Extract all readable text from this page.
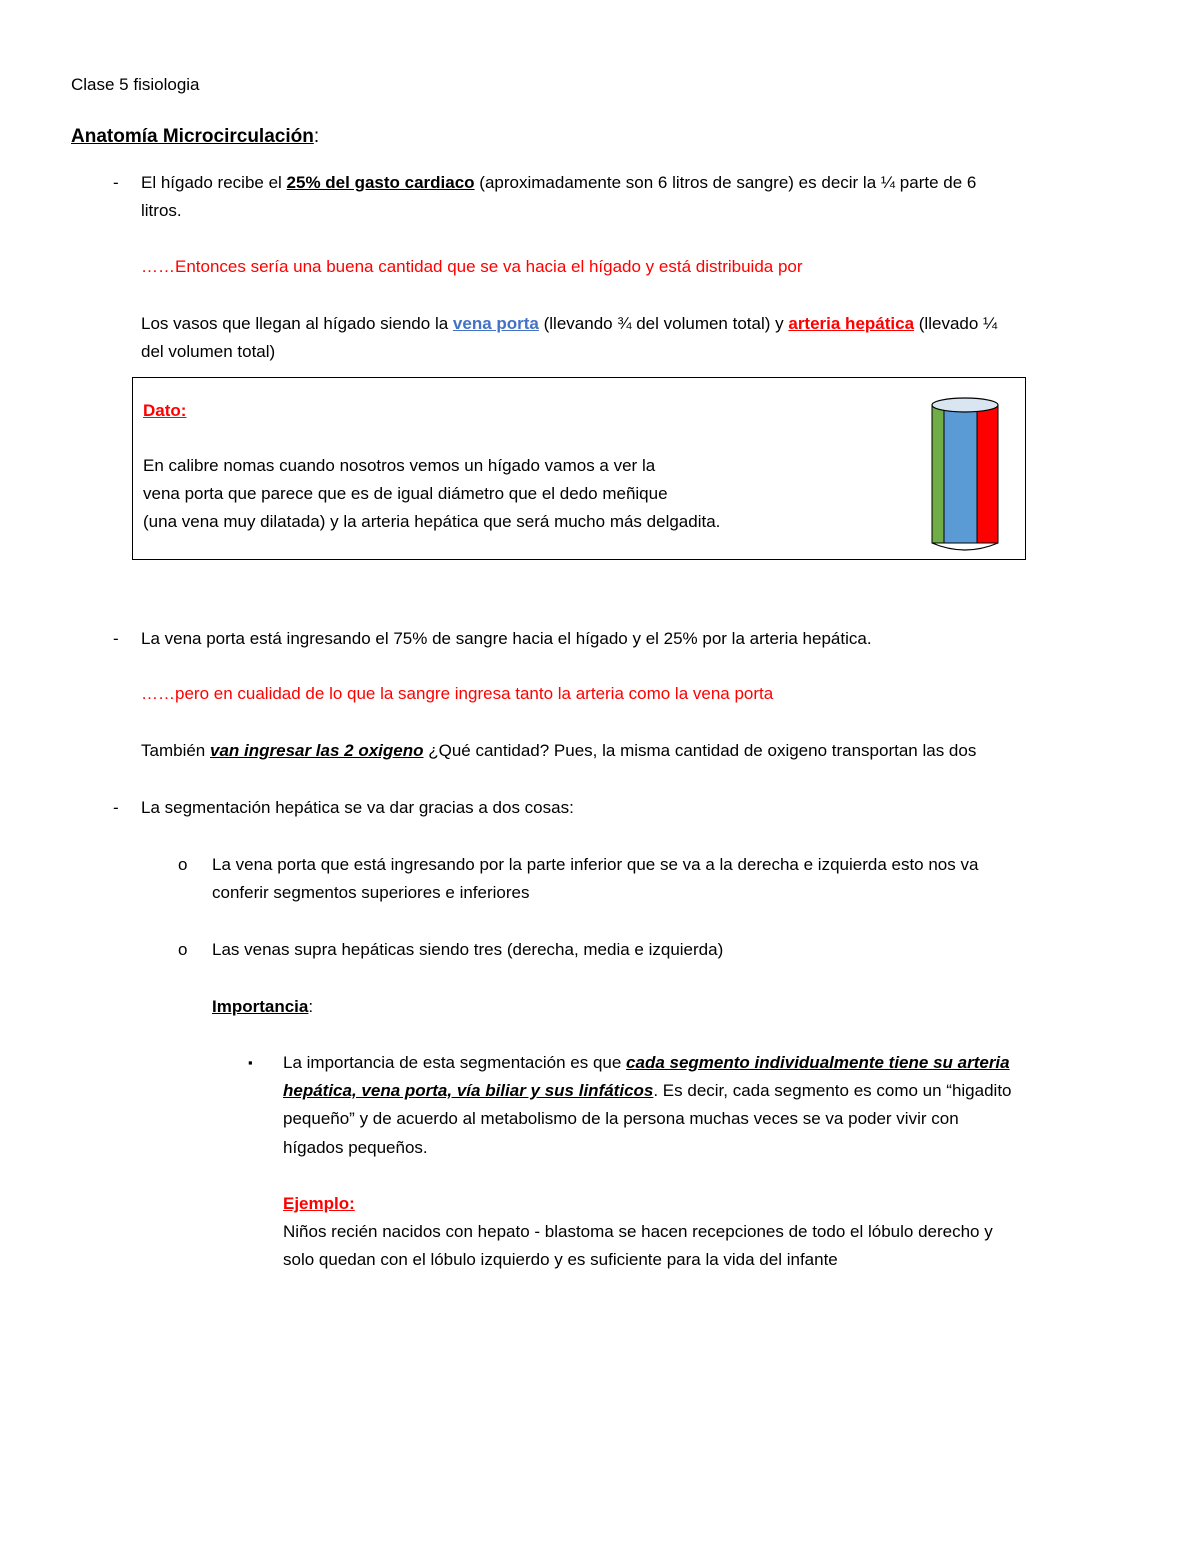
Clase 5 fisiologia
Anatomía Microcirculación:
- El hígado recibe el 25% del gasto cardiaco (aproximadamente son 6 litros de sangre) es decir la ¼ parte de 6
litros.
……Entonces sería una buena cantidad que se va hacia el hígado y está distribuida por
Los vasos que llegan al hígado siendo la vena porta (llevando ¾ del volumen total) y arteria hepática (llevado ¼
del volumen total)
Dato:
En calibre nomas cuando nosotros vemos un hígado vamos a ver la
vena porta que parece que es de igual diámetro que el dedo meñique
(una vena muy dilatada) y la arteria hepática que será mucho más delgadita.
- La vena porta está ingresando el 75% de sangre hacia el hígado y el 25% por la arteria hepática.
……pero en cualidad de lo que la sangre ingresa tanto la arteria como la vena porta
También van ingresar las 2 oxigeno ¿Qué cantidad? Pues, la misma cantidad de oxigeno transportan las dos
- La segmentación hepática se va dar gracias a dos cosas:
o La vena porta que está ingresando por la parte inferior que se va a la derecha e izquierda esto nos va
conferir segmentos superiores e inferiores
o Las venas supra hepáticas siendo tres (derecha, media e izquierda)
Importancia:
▪ La importancia de esta segmentación es que cada segmento individualmente tiene su arteria
hepática, vena porta, vía biliar y sus linfáticos. Es decir, cada segmento es como un “higadito
pequeño” y de acuerdo al metabolismo de la persona muchas veces se va poder vivir con
hígados pequeños.
Ejemplo:
Niños recién nacidos con hepato - blastoma se hacen recepciones de todo el lóbulo derecho y
solo quedan con el lóbulo izquierdo y es suficiente para la vida del infante
